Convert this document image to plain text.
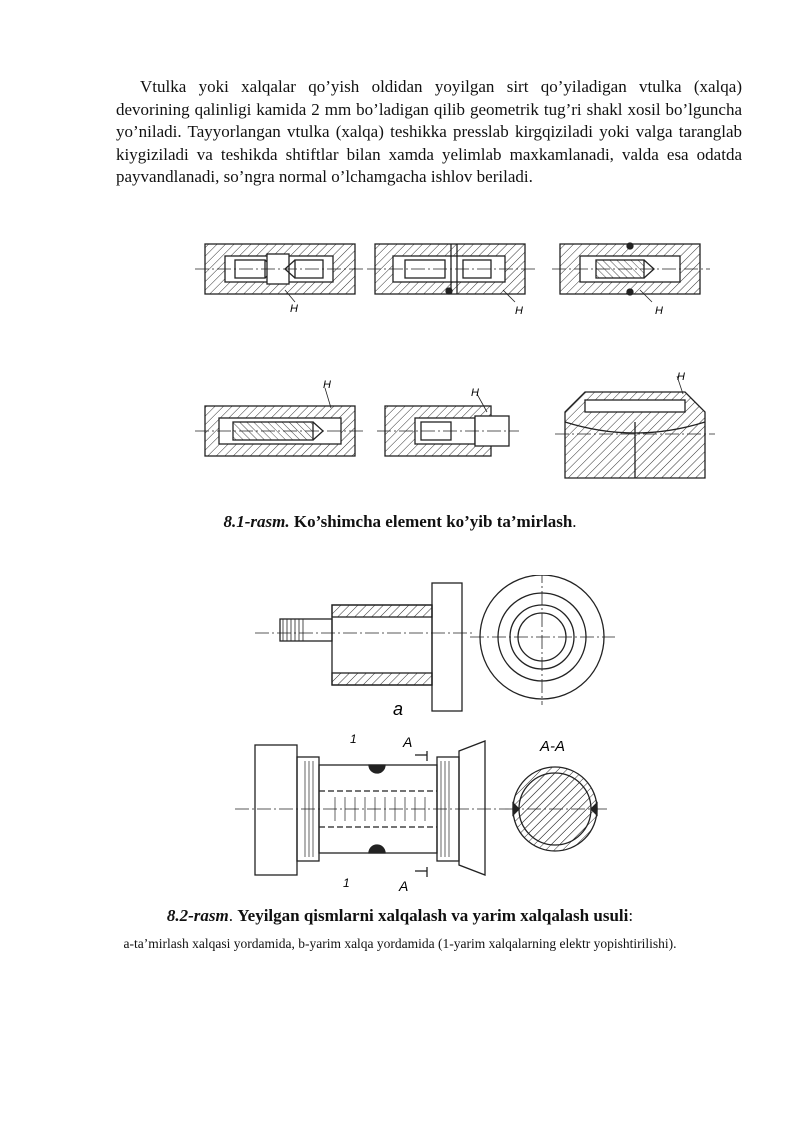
Vtulka yoki xalqalar qo’yish oldidan yoyilgan sirt qo’yiladigan vtulka (xalqa) devorining qalinligi kamida 2 mm bo’ladigan qilib geometrik tug’ri shakl xosil bo’lguncha yo’niladi. Tayyorlangan vtulka (xalqa) teshikka presslab kirgqiziladi yoki valga taranglab kiygiziladi va teshikda shtiftlar bilan xamda yelimlab maxkamlanadi, valda esa odatda payvandlanadi, so’ngra normal o’lchamgacha ishlov beriladi.

H	H	H
H
H
H
8.1-rasm. Ko’shimcha element ko’yib ta’mirlash.
a
1
1
A
A
A-A
8.2-rasm. Yeyilgan qismlarni xalqalash va yarim xalqalash usuli:
a-ta’mirlash xalqasi yordamida, b-yarim xalqa yordamida (1-yarim xalqalarning elektr yopishtirilishi).
